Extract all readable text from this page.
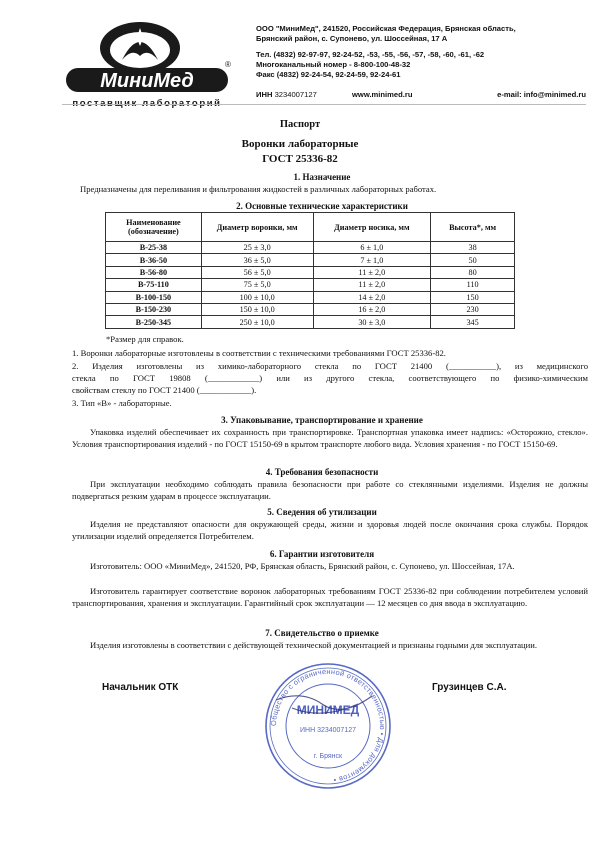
МиниМед
®
ООО "МиниМед", 241520, Российская Федерация, Брянская область,
Брянский район, с. Супонево, ул. Шоссейная, 17 А
Тел. (4832) 92-97-97, 92-24-52, -53, -55, -56, -57, -58, -60, -61, -62
Многоканальный номер - 8-800-100-48-32
Факс (4832) 92-24-54, 92-24-59, 92-24-61
ИНН 3234007127	www.minimed.ru	e-mail: info@minimed.ru
Паспорт
Воронки лабораторные
ГОСТ 25336-82
1. Назначение
Предназначены для переливания и фильтрования жидкостей в различных лабораторных работах.
2. Основные технические характеристики
Наименование (обозначение)	Диаметр воронки, мм	Диаметр носика, мм	Высота*, мм
В-25-38	25 ± 3,0	6 ± 1,0	38
В-36-50	36 ± 5,0	7 ± 1,0	50
В-56-80	56 ± 5,0	11 ± 2,0	80
В-75-110	75 ± 5,0	11 ± 2,0	110
В-100-150	100 ± 10,0	14 ± 2,0	150
В-150-230	150 ± 10,0	16 ± 2,0	230
В-250-345	250 ± 10,0	30 ± 3,0	345
*Размер для справок.
1. Воронки лабораторные изготовлены в соответствии с техническими требованиями ГОСТ 25336-82.
2. Изделия изготовлены из химико-лабораторного стекла по ГОСТ 21400 (___________), из медицинского
стекла по ГОСТ 19808 (____________) или из другого стекла, соответствующего по физико-химическим
свойствам стеклу по ГОСТ 21400 (____________).
3. Тип «В» - лабораторные.
3. Упаковывание, транспортирование и хранение
Упаковка изделий обеспечивает их сохранность при транспортировке. Транспортная упаковка имеет надпись: «Осторожно, стекло». Условия транспортирования изделий - по ГОСТ 15150-69 в крытом транспорте любого вида. Условия хранения - по ГОСТ 15150-69.
4. Требования безопасности
При эксплуатации необходимо соблюдать правила безопасности при работе со стеклянными изделиями. Изделия не должны подвергаться резким ударам в процессе эксплуатации.
5. Сведения об утилизации
Изделия не представляют опасности для окружающей среды, жизни и здоровья людей после окончания срока службы. Порядок утилизации изделий определяется Потребителем.
6. Гарантии изготовителя
Изготовитель: ООО «МиниМед», 241520, РФ, Брянская область, Брянский район, с. Супонево, ул. Шоссейная, 17А.
Изготовитель гарантирует соответствие воронок лабораторных требованиям ГОСТ 25336-82 при соблюдении потребителем условий транспортирования, хранения и эксплуатации. Гарантийный срок эксплуатации — 12 месяцев со дня ввода в эксплуатацию.
7. Свидетельство о приемке
Изделия изготовлены в соответствии с действующей технической документацией и признаны годными для эксплуатации.
Начальник ОТК	Грузинцев С.А.
Общество с ограниченной ответственностью • Для документов •
МИНИМЕД
ИНН 3234007127
г. Брянск
